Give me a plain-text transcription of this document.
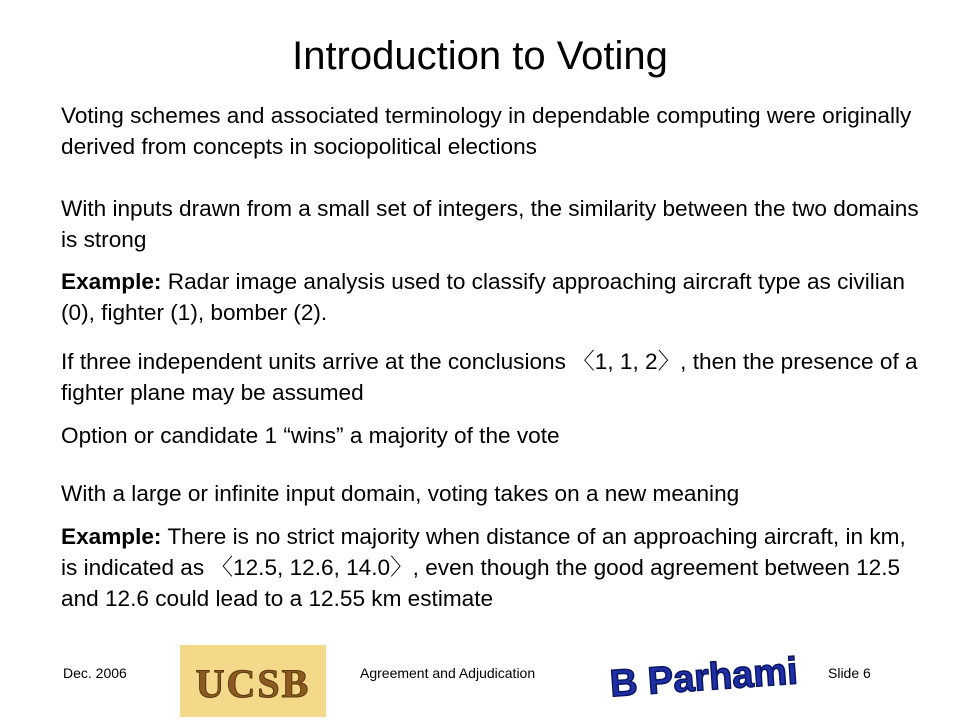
Introduction to Voting

Voting schemes and associated terminology in dependable computing were originally derived from concepts in sociopolitical elections

With inputs drawn from a small set of integers, the similarity between the two domains is strong

Example: Radar image analysis used to classify approaching aircraft type as civilian (0), fighter (1), bomber (2).

If three independent units arrive at the conclusions 〈1, 1, 2〉, then the presence of a fighter plane may be assumed

Option or candidate 1 “wins” a majority of the vote

With a large or infinite input domain, voting takes on a new meaning

Example: There is no strict majority when distance of an approaching aircraft, in km, is indicated as 〈12.5, 12.6, 14.0〉, even though the good agreement between 12.5 and 12.6 could lead to a 12.55 km estimate

Dec. 2006	Agreement and Adjudication	Slide 6
UCSB	B Parhami
